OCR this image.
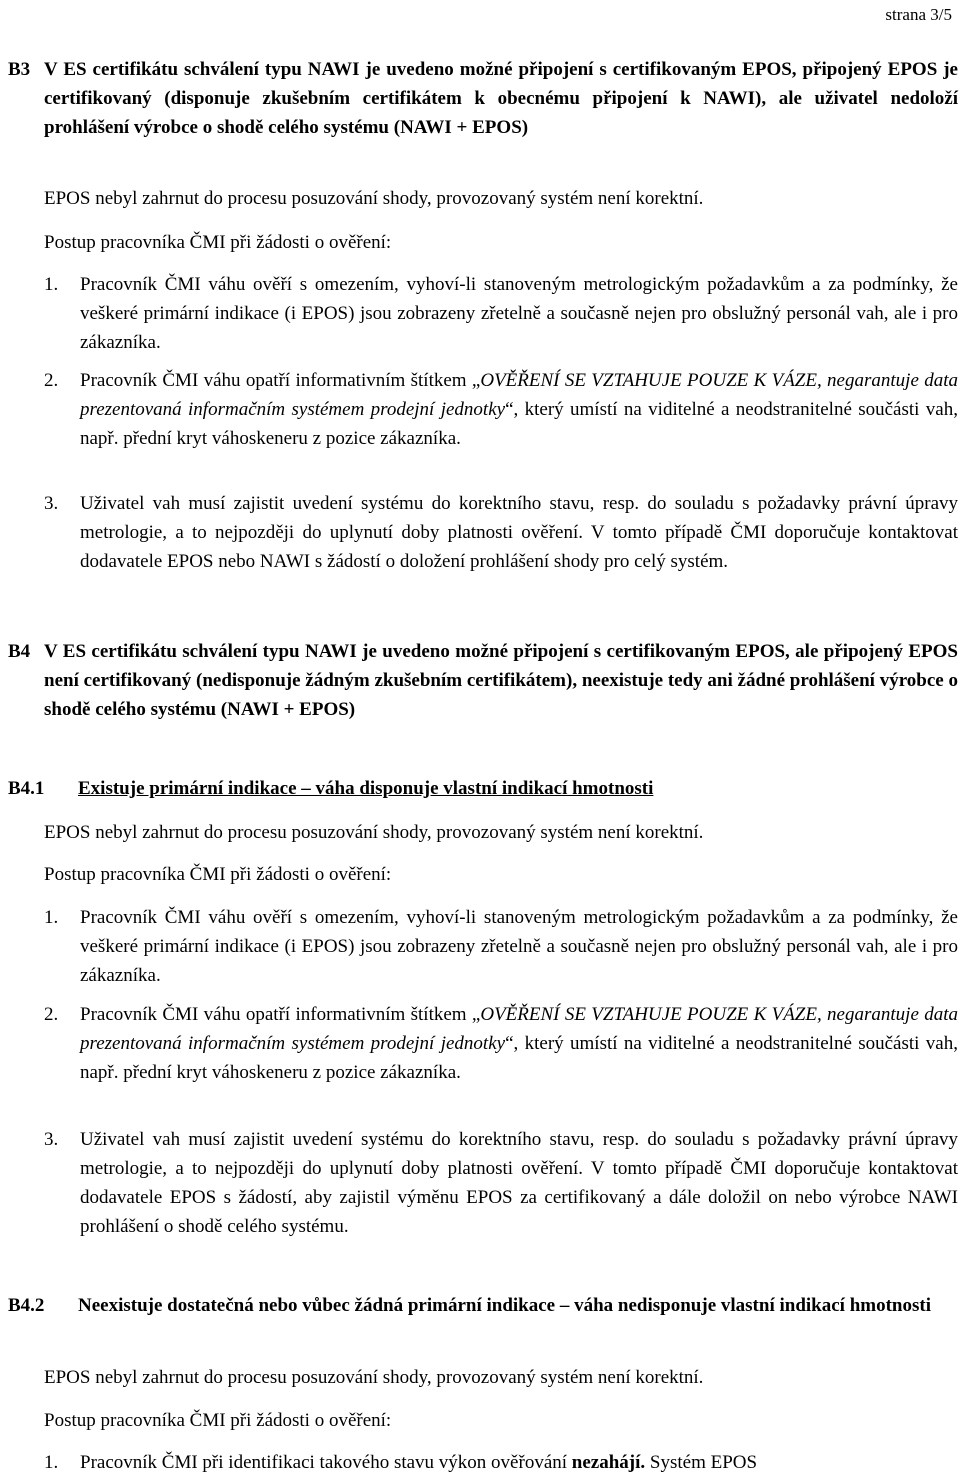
strana 3/5
B3 V ES certifikátu schválení typu NAWI je uvedeno možné připojení s certifikovaným EPOS, připojený EPOS je certifikovaný (disponuje zkušebním certifikátem k obecnému připojení k NAWI), ale uživatel nedoloží prohlášení výrobce o shodě celého systému (NAWI + EPOS)

EPOS nebyl zahrnut do procesu posuzování shody, provozovaný systém není korektní.

Postup pracovníka ČMI při žádosti o ověření:

1. Pracovník ČMI váhu ověří s omezením, vyhoví-li stanoveným metrologickým požadavkům a za podmínky, že veškeré primární indikace (i EPOS) jsou zobrazeny zřetelně a současně nejen pro obslužný personál vah, ale i pro zákazníka.

2. Pracovník ČMI váhu opatří informativním štítkem „OVĚŘENÍ SE VZTAHUJE POUZE K VÁZE, negarantuje data prezentovaná informačním systémem prodejní jednotky“, který umístí na viditelné a neodstranitelné součásti vah, např. přední kryt váhoskeneru z pozice zákazníka.

3. Uživatel vah musí zajistit uvedení systému do korektního stavu, resp. do souladu s požadavky právní úpravy metrologie, a to nejpozději do uplynutí doby platnosti ověření. V tomto případě ČMI doporučuje kontaktovat dodavatele EPOS nebo NAWI s žádostí o doložení prohlášení shody pro celý systém.

B4 V ES certifikátu schválení typu NAWI je uvedeno možné připojení s certifikovaným EPOS, ale připojený EPOS není certifikovaný (nedisponuje žádným zkušebním certifikátem), neexistuje tedy ani žádné prohlášení výrobce o shodě celého systému (NAWI + EPOS)

B4.1 Existuje primární indikace – váha disponuje vlastní indikací hmotnosti

EPOS nebyl zahrnut do procesu posuzování shody, provozovaný systém není korektní.

Postup pracovníka ČMI při žádosti o ověření:

1. Pracovník ČMI váhu ověří s omezením, vyhoví-li stanoveným metrologickým požadavkům a za podmínky, že veškeré primární indikace (i EPOS) jsou zobrazeny zřetelně a současně nejen pro obslužný personál vah, ale i pro zákazníka.

2. Pracovník ČMI váhu opatří informativním štítkem „OVĚŘENÍ SE VZTAHUJE POUZE K VÁZE, negarantuje data prezentovaná informačním systémem prodejní jednotky“, který umístí na viditelné a neodstranitelné součásti vah, např. přední kryt váhoskeneru z pozice zákazníka.

3. Uživatel vah musí zajistit uvedení systému do korektního stavu, resp. do souladu s požadavky právní úpravy metrologie, a to nejpozději do uplynutí doby platnosti ověření. V tomto případě ČMI doporučuje kontaktovat dodavatele EPOS s žádostí, aby zajistil výměnu EPOS za certifikovaný a dále doložil on nebo výrobce NAWI prohlášení o shodě celého systému.

B4.2 Neexistuje dostatečná nebo vůbec žádná primární indikace – váha nedisponuje vlastní indikací hmotnosti

EPOS nebyl zahrnut do procesu posuzování shody, provozovaný systém není korektní.

Postup pracovníka ČMI při žádosti o ověření:

1. Pracovník ČMI při identifikaci takového stavu výkon ověřování nezahájí. Systém EPOS
